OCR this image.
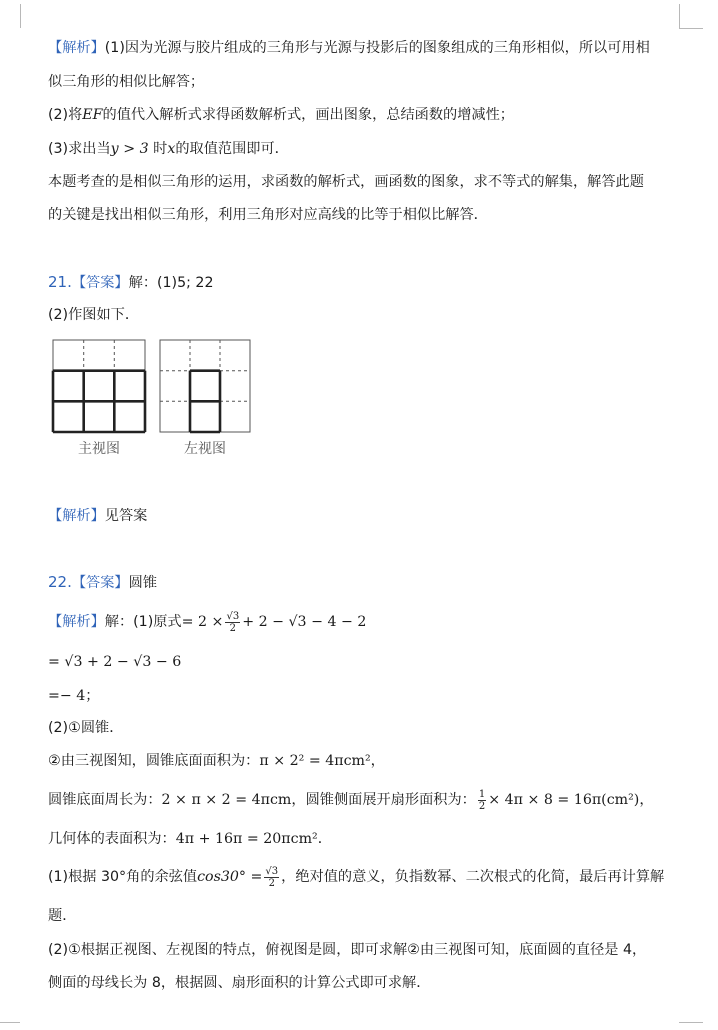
【解析】(1)因为光源与胶片组成的三角形与光源与投影后的图象组成的三角形相似，所以可用相
似三角形的相似比解答；
(2)将EF的值代入解析式求得函数解析式，画出图象，总结函数的增减性；
(3)求出当y > 3 时x的取值范围即可．
本题考查的是相似三角形的运用，求函数的解析式，画函数的图象，求不等式的解集，解答此题
的关键是找出相似三角形，利用三角形对应高线的比等于相似比解答．
21.【答案】解：(1)5; 22
(2)作图如下．
主视图	左视图
【解析】见答案
22.【答案】圆锥
【解析】解：(1)原式= $2 \times \frac{√3}{2} + 2 - √3 - 4 - 2$
= √3 + 2 − √3 − 6
=− 4；
(2)①圆锥．
②由三视图知，圆锥底面面积为：π × 2² = 4πcm²，
圆锥底面周长为：2 × π × 2 = 4πcm，圆锥侧面展开扇形面积为： $\frac{1}{2} \times 4\pi \times 8 = 16\pi(cm^2)$，
几何体的表面积为：4π + 16π = 20πcm²．
(1)根据 30°角的余弦值$\cos 30^\circ = \frac{√3}{2}$ ，绝对值的意义，负指数幂、二次根式的化简，最后再计算解
题．
(2)①根据正视图、左视图的特点，俯视图是圆，即可求解②由三视图可知，底面圆的直径是 4，
侧面的母线长为 8，根据圆、扇形面积的计算公式即可求解．
